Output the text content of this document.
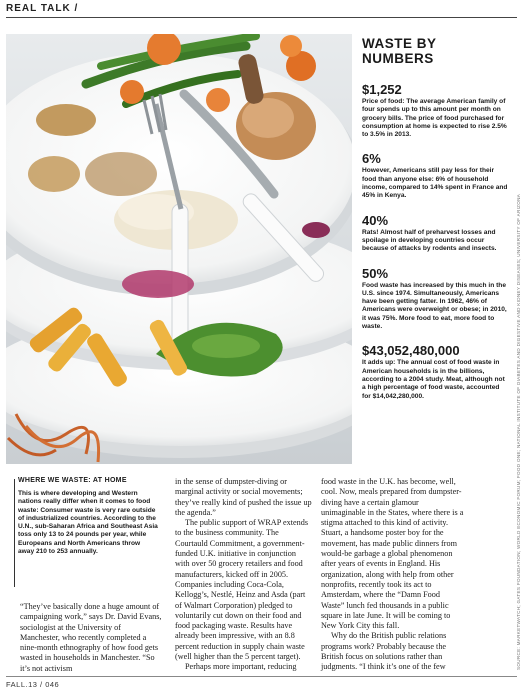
REAL TALK /
WASTE BY
NUMBERS
$1,252
Price of food: The average American family of four spends up to this amount per month on grocery bills. The price of food purchased for consumption at home is expected to rise 2.5% to 3.5% in 2013.
6%
However, Americans still pay less for their food than anyone else: 6% of household income, compared to 14% spent in France and 45% in Kenya.
40%
Rats! Almost half of preharvest losses and spoilage in developing countries occur because of attacks by rodents and insects.
50%
Food waste has increased by this much in the U.S. since 1974. Simultaneously, Americans have been getting fatter. In 1962, 46% of Americans were overweight or obese; in 2010, it was 75%. More food to eat, more food to waste.
$43,052,480,000
It adds up: The annual cost of food waste in American households is in the billions, according to a 2004 study. Meat, although not a high percentage of food waste, accounted for $14,042,280,000.	SOURCE: MARKETWATCH; GATES FOUNDATION; WORLD ECONOMIC FORUM; FOOD ONE; NATIONAL INSTITUTE OF DIABETES AND DIGESTIVE AND KIDNEY DISEASES; UNIVERSITY OF ARIZONA
WHERE WE WASTE: AT HOME
This is where developing and Western nations really differ when it comes to food waste: Consumer waste is very rare outside of industrialized countries. According to the U.N., sub-Saharan Africa and Southeast Asia toss only 13 to 24 pounds per year, while Europeans and North Americans throw away 210 to 253 annually.

“They’ve basically done a huge amount of campaigning work,” says Dr. David Evans, sociologist at the University of Manchester, who recently completed a nine-month ethnography of how food gets wasted in households in Manchester. “So it’s not activism

in the sense of dumpster-diving or marginal activity or social movements; they’ve really kind of pushed the issue up the agenda.”

The public support of WRAP extends to the business community. The Courtauld Commitment, a government-funded U.K. initiative in conjunction with over 50 grocery retailers and food manufacturers, kicked off in 2005. Companies including Coca-Cola, Kellogg’s, Nestlé, Heinz and Asda (part of Walmart Corporation) pledged to voluntarily cut down on their food and food packaging waste. Results have already been impressive, with an 8.8 percent reduction in supply chain waste (well higher than the 5 percent target).

Perhaps more important, reducing

food waste in the U.K. has become, well, cool. Now, meals prepared from dumpster-diving have a certain glamour unimaginable in the States, where there is a stigma attached to this kind of activity. Stuart, a handsome poster boy for the movement, has made public dinners from would-be garbage a global phenomenon after years of events in England. His organization, along with help from other nonprofits, recently took its act to Amsterdam, where the “Damn Food Waste” lunch fed thousands in a public square in late June. It will be coming to New York City this fall.

Why do the British public relations programs work? Probably because the British focus on solutions rather than judgments. “I think it’s one of the few

FALL.13 / 046
